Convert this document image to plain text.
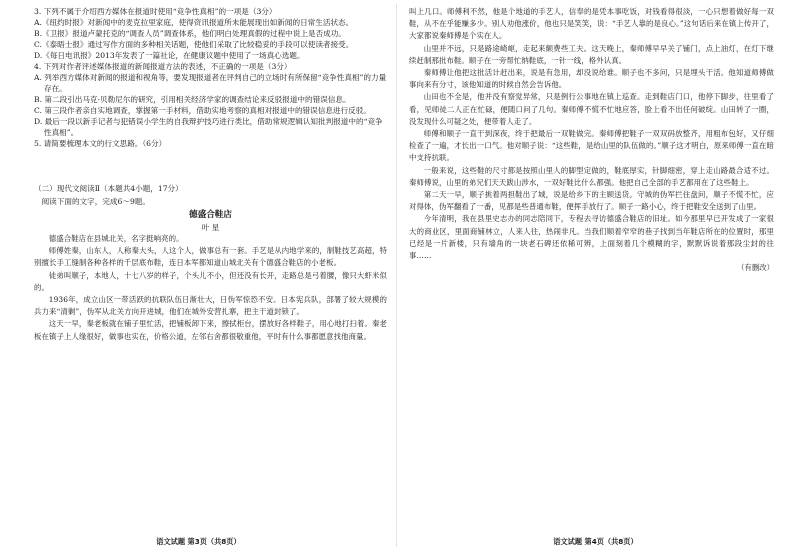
3. 下列不属于介绍西方媒体在报道时使用“竞争性真相”的一项是（3分）

A.《纽约时报》对新闻中的麦克拉里家庭，使得资讯报道所未能展现出如新闻的日常生活状态。

B.《卫报》报道卢蒙托克的“调查人员”调查体系，他们明白处理真假的过程中说上是否成功。

C.《泰晤士报》通过写作方面的多种相关话题，使他们采取了比较稳妥的手段可以使读者接受。

D.《每日电讯报》2013年发表了一篇社论，在健康议题中使用了一场真心选题。

4. 下列对作者评述媒体报道的新闻报道方法的表述，不正确的一项是（3分）

A. 列举西方媒体对新闻的报道和视角等，要发现报道者在评判自己的立场时有所保留“竞争性真相”的力量存在。

B. 第二段引出马克·贝勒尼尔的研究，引用相关经济学家的调查结论来反驳报道中的错误信息。

C. 第三段作者亲自实地调查，掌握第一手材料，借助实地考察的真相对报道中的错误信息进行反驳。

D. 最后一段以新手记者与犯错误小学生的自我辩护技巧进行类比，借助常规逻辑认知批判报道中的“竞争性真相”。

5. 请简要梳理本文的行文思路。（6分）

（二）现代文阅读Ⅱ（本题共4小题，17分）

阅读下面的文字，完成6～9题。

德盛合鞋店

叶 星

德盛合鞋店在县城北关，名字挺响亮的。

师傅姓秦，山东人，人称秦大头，人这个人，做事总有一套。手艺是从内地学来的，制鞋技艺高超，特别擅长手工缝制各种各样的千层底布鞋，连日本军都知道山城北关有个德盛合鞋店的小老板。

徒弟叫顺子，本地人，十七八岁的样子，个头儿不小，但还没有长开，走路总是弓着腰，像只大虾米似的。

1936年，成立山区一带活跃的抗联队伍日渐壮大，日伪军惊恐不安。日本宪兵队，部署了较大规模的兵力来“清剿”，伪军从北关方向开进城，他们在城外安营扎寨，把主干道封锁了。

这天一早，秦老板就在铺子里忙活，把铺板卸下来，擦拭柜台，摆放好各样鞋子，用心地打扫着。秦老板在镇子上人缘很好，做事也实在，价格公道，左邻右舍都很敬重他，平时有什么事都愿意找他商量。

语文试题 第3页（共8页）

叫上几口。师傅利不然，他是个地道的手艺人，信奉的是凭本事吃饭，对钱看得很淡，一心只想着做好每一双鞋，从不在乎能赚多少。别人劝他涨价，他也只是笑笑，说：“手艺人靠的是良心。”这句话后来在镇上传开了，大家都说秦师傅是个实在人。

山里并不远，只是路途崎岖，走起来颇费些工夫。这天晚上，秦师傅早早关了铺门，点上油灯，在灯下继续赶制那批布鞋。顺子在一旁帮忙纳鞋底，一针一线，格外认真。

秦师傅让他把这批活计赶出来，说是有急用，却没说给谁。顺子也不多问，只是埋头干活。他知道师傅做事向来有分寸，该他知道的时候自然会告诉他。

山田也不全是，他并没有察觉异常，只是例行公事地在镇上巡查。走到鞋店门口，他停下脚步，往里看了看，见师徒二人正在忙碌，便随口问了几句。秦师傅不慌不忙地应答，脸上看不出任何破绽。山田转了一圈，没发现什么可疑之处，便带着人走了。

师傅和顺子一直干到深夜，终于把最后一双鞋做完。秦师傅把鞋子一双双码放整齐，用粗布包好，又仔细检查了一遍，才长出一口气。他对顺子说：“这些鞋，是给山里的队伍做的。”顺子这才明白，原来师傅一直在暗中支持抗联。

一般来说，这些鞋的尺寸都是按照山里人的脚型定做的，鞋底厚实，针脚细密，穿上走山路最合适不过。秦师傅说，山里的弟兄们天天跋山涉水，一双好鞋比什么都强。他把自己全部的手艺都用在了这些鞋上。

第二天一早，顺子挑着两担鞋出了城，说是给乡下的主顾送货。守城的伪军拦住盘问，顺子不慌不忙，应对得体，伪军翻看了一番，见都是些普通布鞋，便挥手放行了。顺子一路小心，终于把鞋安全送到了山里。

今年清明，我在县里史志办的同志陪同下，专程去寻访德盛合鞋店的旧址。如今那里早已开发成了一家很大的商业区，里面商铺林立，人来人往，热闹非凡。当我们顺着窄窄的巷子找到当年鞋店所在的位置时，那里已经是一片新楼，只有墙角的一块老石碑还依稀可辨，上面刻着几个模糊的字，默默诉说着那段尘封的往事……

（有删改）

语文试题 第4页（共8页）
